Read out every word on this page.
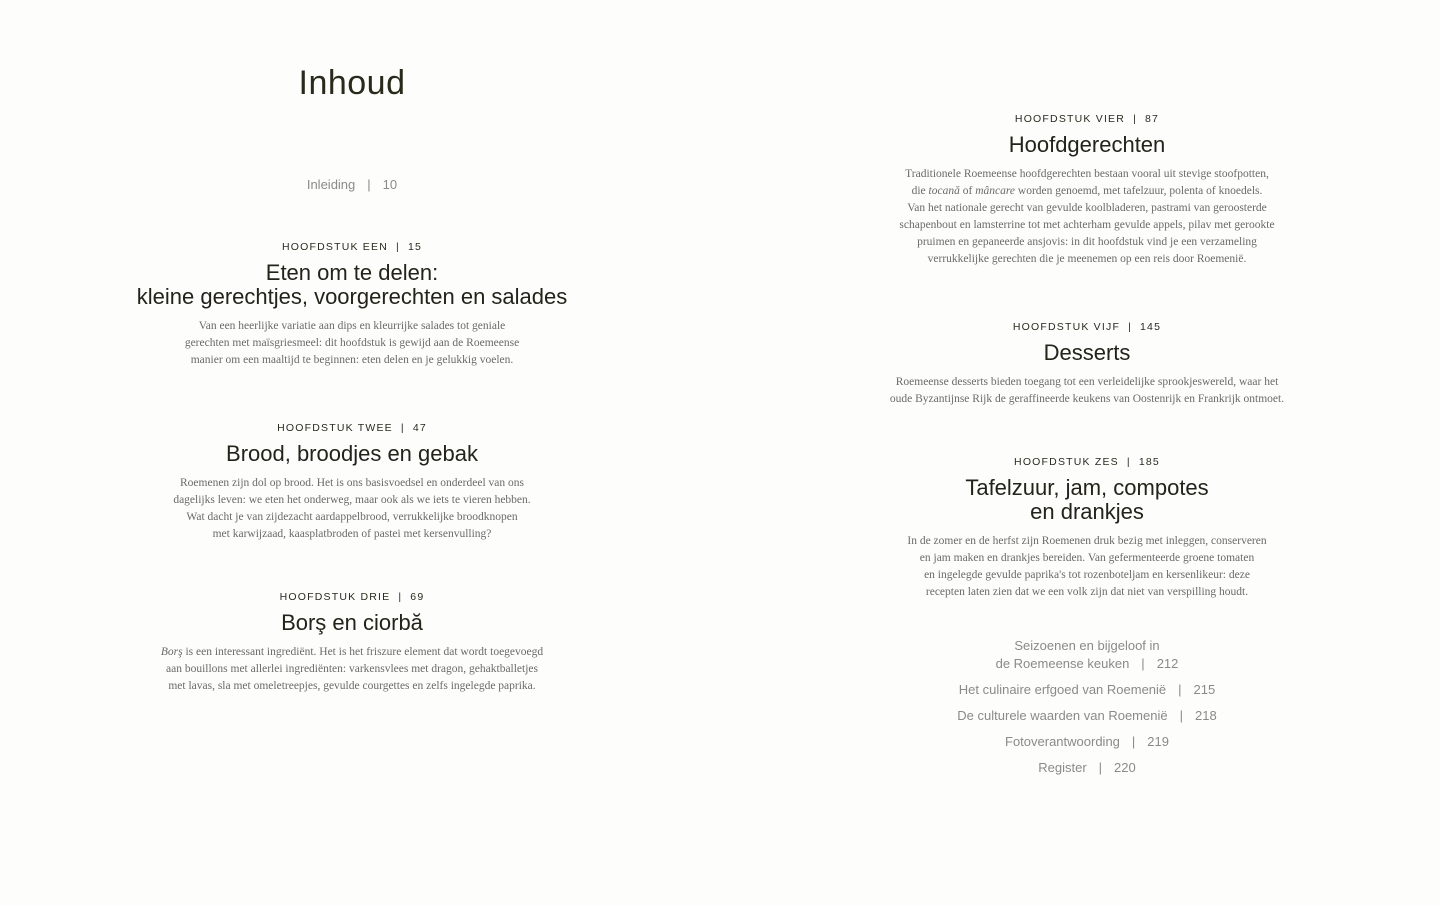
Inhoud
Inleiding | 10
HOOFDSTUK EEN | 15
Eten om te delen:
kleine gerechtjes, voorgerechten en salades
Van een heerlijke variatie aan dips en kleurrijke salades tot geniale
gerechten met maïsgriesmeel: dit hoofdstuk is gewijd aan de Roemeense
manier om een maaltijd te beginnen: eten delen en je gelukkig voelen.
HOOFDSTUK TWEE | 47
Brood, broodjes en gebak
Roemenen zijn dol op brood. Het is ons basisvoedsel en onderdeel van ons
dagelijks leven: we eten het onderweg, maar ook als we iets te vieren hebben.
Wat dacht je van zijdezacht aardappelbrood, verrukkelijke broodknopen
met karwijzaad, kaasplatbroden of pastei met kersenvulling?
HOOFDSTUK DRIE | 69
Borş en ciorbă
Borş is een interessant ingrediënt. Het is het friszure element dat wordt toegevoegd
aan bouillons met allerlei ingrediënten: varkensvlees met dragon, gehaktballetjes
met lavas, sla met omeletreepjes, gevulde courgettes en zelfs ingelegde paprika.
HOOFDSTUK VIER | 87
Hoofdgerechten
Traditionele Roemeense hoofdgerechten bestaan vooral uit stevige stoofpotten,
die tocană of mâncare worden genoemd, met tafelzuur, polenta of knoedels.
Van het nationale gerecht van gevulde koolbladeren, pastrami van geroosterde
schapenbout en lamsterrine tot met achterham gevulde appels, pilav met gerookte
pruimen en gepaneerde ansjovis: in dit hoofdstuk vind je een verzameling
verrukkelijke gerechten die je meenemen op een reis door Roemenië.
HOOFDSTUK VIJF | 145
Desserts
Roemeense desserts bieden toegang tot een verleidelijke sprookjeswereld, waar het
oude Byzantijnse Rijk de geraffineerde keukens van Oostenrijk en Frankrijk ontmoet.
HOOFDSTUK ZES | 185
Tafelzuur, jam, compotes
en drankjes
In de zomer en de herfst zijn Roemenen druk bezig met inleggen, conserveren
en jam maken en drankjes bereiden. Van gefermenteerde groene tomaten
en ingelegde gevulde paprika's tot rozenboteljam en kersenlikeur: deze
recepten laten zien dat we een volk zijn dat niet van verspilling houdt.
Seizoenen en bijgeloof in
de Roemeense keuken | 212
Het culinaire erfgoed van Roemenië | 215
De culturele waarden van Roemenië | 218
Fotoverantwoording | 219
Register | 220
